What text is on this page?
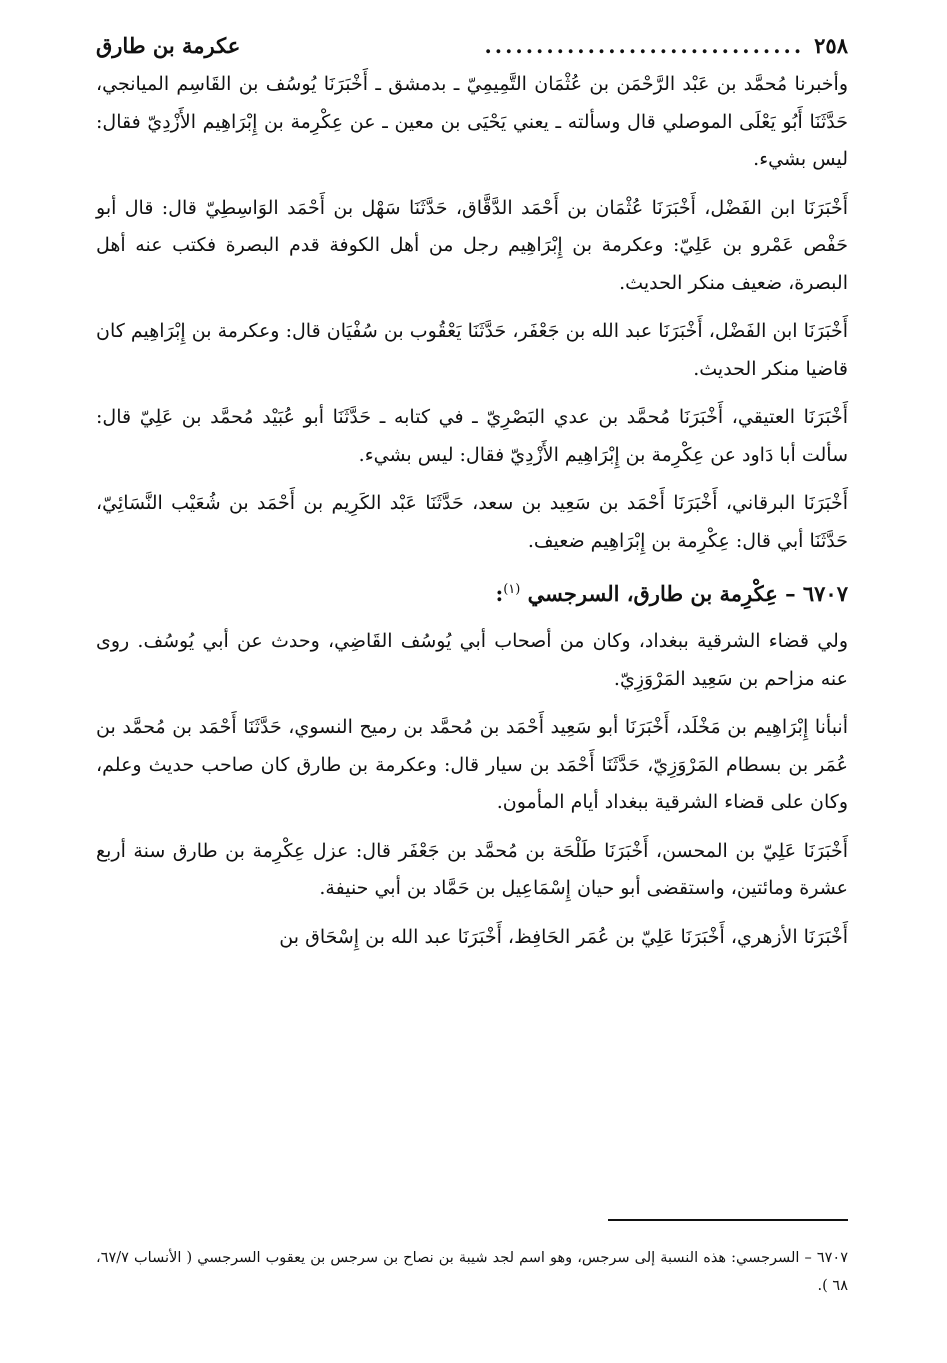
٢٥٨
...............................
عكرمة بن طارق

وأخبرنا مُحمَّد بن عَبْد الرَّحْمَن بن عُثْمَان التَّمِيمِيّ ـ بدمشق ـ أَخْبَرَنَا يُوسُف بن القَاسِم الميانجي، حَدَّثَنَا أَبُو يَعْلَى الموصلي قال وسألته ـ يعني يَحْيَى بن معين ـ عن عِكْرِمة بن إِبْرَاهِيم الأَزْدِيّ فقال: ليس بشيء.

أَخْبَرَنَا ابن الفَضْل، أَخْبَرَنَا عُثْمَان بن أَحْمَد الدَّقَّاق، حَدَّثَنَا سَهْل بن أَحْمَد الوَاسِطِيّ قال: قال أبو حَفْص عَمْرو بن عَلِيّ: وعكرمة بن إِبْرَاهِيم رجل من أهل الكوفة قدم البصرة فكتب عنه أهل البصرة، ضعيف منكر الحديث.

أَخْبَرَنَا ابن الفَضْل، أَخْبَرَنَا عبد الله بن جَعْفَر، حَدَّثَنَا يَعْقُوب بن سُفْيَان قال: وعكرمة بن إِبْرَاهِيم كان قاضيا منكر الحديث.

أَخْبَرَنَا العتيقي، أَخْبَرَنَا مُحمَّد بن عدي البَصْرِيّ ـ في كتابه ـ حَدَّثَنَا أبو عُبَيْد مُحمَّد بن عَلِيّ قال: سألت أبا دَاود عن عِكْرِمة بن إِبْرَاهِيم الأَزْدِيّ فقال: ليس بشيء.

أَخْبَرَنَا البرقاني، أَخْبَرَنَا أَحْمَد بن سَعِيد بن سعد، حَدَّثَنَا عَبْد الكَرِيم بن أَحْمَد بن شُعَيْب النَّسَائِيّ، حَدَّثَنَا أبي قال: عِكْرِمة بن إِبْرَاهِيم ضعيف.

٦٧٠٧ – عِكْرِمة بن طارق، السرجسي $^{(١)}$:

ولي قضاء الشرقية ببغداد، وكان من أصحاب أبي يُوسُف القَاضِي، وحدث عن أبي يُوسُف. روى عنه مزاحم بن سَعِيد المَرْوَزِيّ.

أنبأنا إِبْرَاهِيم بن مَخْلَد، أَخْبَرَنَا أبو سَعِيد أَحْمَد بن مُحمَّد بن رميح النسوي، حَدَّثَنَا أَحْمَد بن مُحمَّد بن عُمَر بن بسطام المَرْوَزِيّ، حَدَّثَنَا أَحْمَد بن سيار قال: وعكرمة بن طارق كان صاحب حديث وعلم، وكان على قضاء الشرقية ببغداد أيام المأمون.

أَخْبَرَنَا عَلِيّ بن المحسن، أَخْبَرَنَا طَلْحَة بن مُحمَّد بن جَعْفَر قال: عزل عِكْرِمة بن طارق سنة أربع عشرة ومائتين، واستقضى أبو حيان إِسْمَاعِيل بن حَمَّاد بن أبي حنيفة.

أَخْبَرَنَا الأزهري، أَخْبَرَنَا عَلِيّ بن عُمَر الحَافِظ، أَخْبَرَنَا عبد الله بن إِسْحَاق بن

٦٧٠٧ – السرجسي: هذه النسبة إلى سرجس، وهو اسم لجد شيبة بن نصاح بن سرجس بن يعقوب السرجسي ( الأنساب ٦٧/٧، ٦٨ ).
